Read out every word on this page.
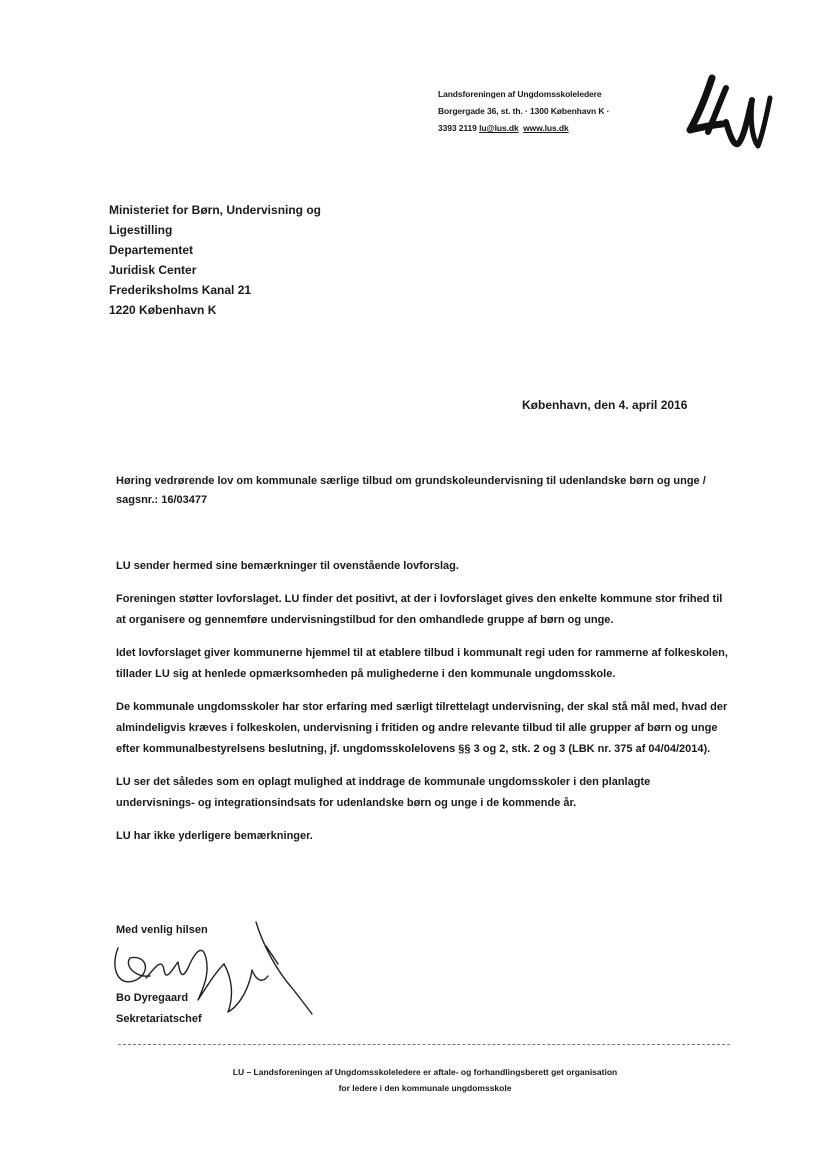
Landsforeningen af Ungdomsskoleledere
Borgergade 36, st. th. · 1300 København K ·
3393 2119 lu@lus.dk www.lus.dk
Ministeriet for Børn, Undervisning og
Ligestilling
Departementet
Juridisk Center
Frederiksholms Kanal 21
1220 København K
København, den 4. april 2016
Høring vedrørende lov om kommunale særlige tilbud om grundskoleundervisning til udenlandske børn og unge / sagsnr.: 16/03477

LU sender hermed sine bemærkninger til ovenstående lovforslag.

Foreningen støtter lovforslaget. LU finder det positivt, at der i lovforslaget gives den enkelte kommune stor frihed til at organisere og gennemføre undervisningstilbud for den omhandlede gruppe af børn og unge.

Idet lovforslaget giver kommunerne hjemmel til at etablere tilbud i kommunalt regi uden for rammerne af folkeskolen, tillader LU sig at henlede opmærksomheden på mulighederne i den kommunale ungdomsskole.

De kommunale ungdomsskoler har stor erfaring med særligt tilrettelagt undervisning, der skal stå mål med, hvad der almindeligvis kræves i folkeskolen, undervisning i fritiden og andre relevante tilbud til alle grupper af børn og unge efter kommunalbestyrelsens beslutning, jf. ungdomsskolelovens §§ 3 og 2, stk. 2 og 3 (LBK nr. 375 af 04/04/2014).

LU ser det således som en oplagt mulighed at inddrage de kommunale ungdomsskoler i den planlagte undervisnings- og integrationsindsats for udenlandske børn og unge i de kommende år.

LU har ikke yderligere bemærkninger.

Med venlig hilsen
Bo Dyregaard
Sekretariatschef
LU – Landsforeningen af Ungdomsskoleledere er aftale- og forhandlingsberett get organisation
for ledere i den kommunale ungdomsskole
